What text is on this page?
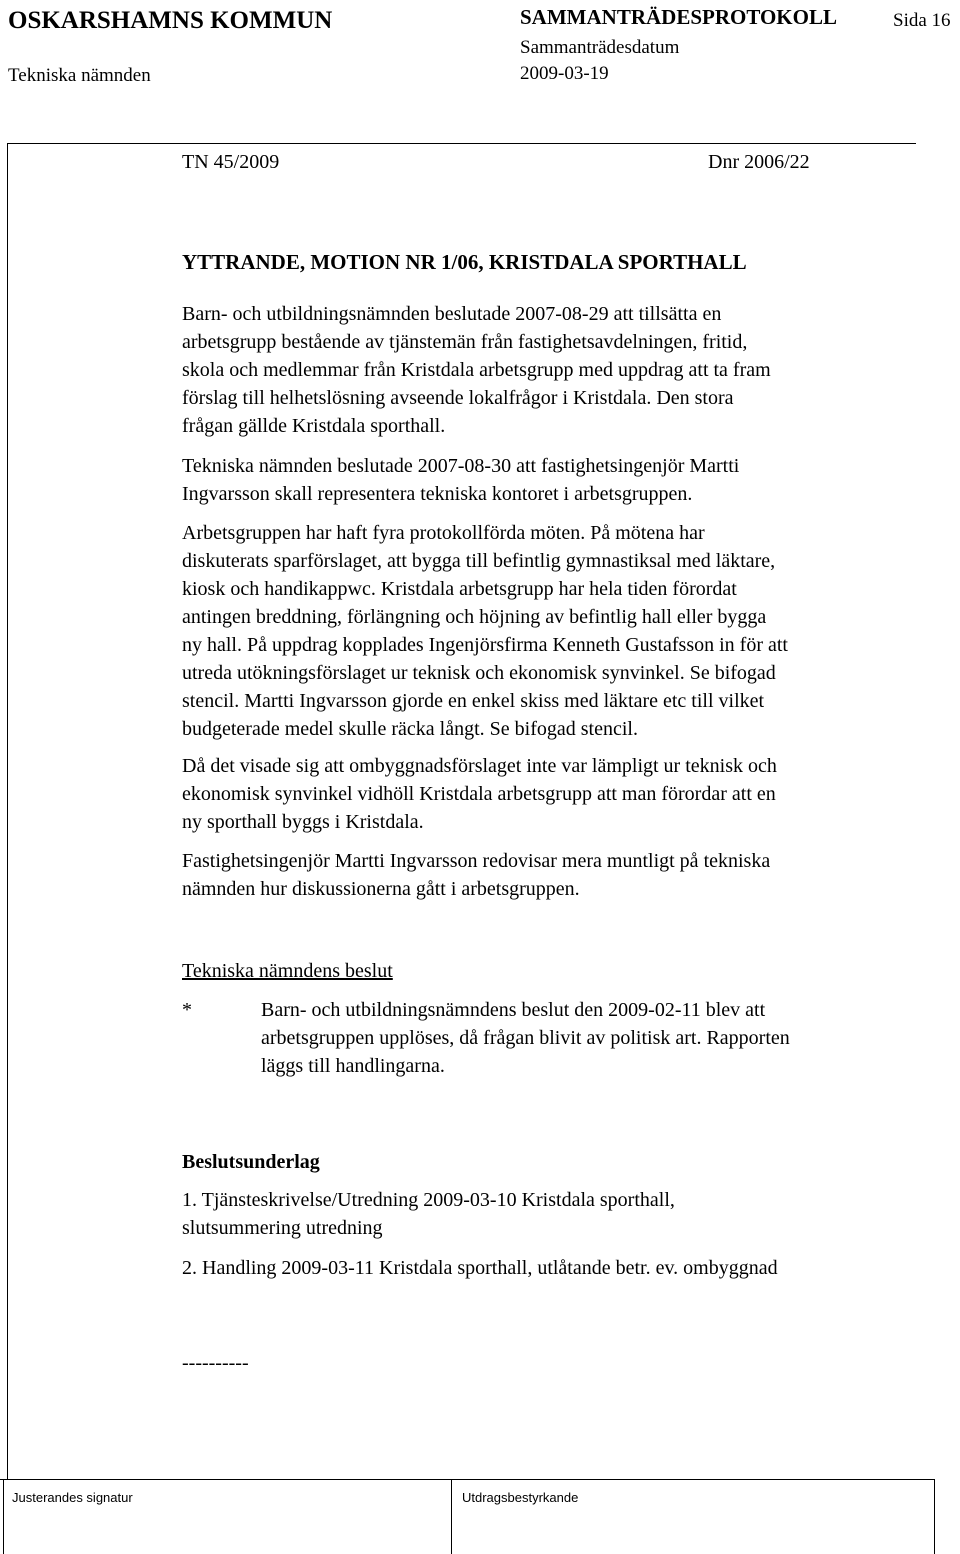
OSKARSHAMNS KOMMUN
Tekniska nämnden
SAMMANTRÄDESPROTOKOLL
Sammanträdesdatum
2009-03-19
Sida 16
TN 45/2009	Dnr 2006/22
YTTRANDE, MOTION NR 1/06, KRISTDALA SPORTHALL
Barn- och utbildningsnämnden beslutade 2007-08-29 att tillsätta en
arbetsgrupp bestående av tjänstemän från fastighetsavdelningen, fritid,
skola och medlemmar från Kristdala arbetsgrupp med uppdrag att ta fram
förslag till helhetslösning avseende lokalfrågor i Kristdala. Den stora
frågan gällde Kristdala sporthall.
Tekniska nämnden beslutade 2007-08-30 att fastighetsingenjör Martti
Ingvarsson skall representera tekniska kontoret i arbetsgruppen.
Arbetsgruppen har haft fyra protokollförda möten. På mötena har
diskuterats sparförslaget, att bygga till befintlig gymnastiksal med läktare,
kiosk och handikappwc. Kristdala arbetsgrupp har hela tiden förordat
antingen breddning, förlängning och höjning av befintlig hall eller bygga
ny hall. På uppdrag kopplades Ingenjörsfirma Kenneth Gustafsson in för att
utreda utökningsförslaget ur teknisk och ekonomisk synvinkel. Se bifogad
stencil. Martti Ingvarsson gjorde en enkel skiss med läktare etc till vilket
budgeterade medel skulle räcka långt. Se bifogad stencil.
Då det visade sig att ombyggnadsförslaget inte var lämpligt ur teknisk och
ekonomisk synvinkel vidhöll Kristdala arbetsgrupp att man förordar att en
ny sporthall byggs i Kristdala.
Fastighetsingenjör Martti Ingvarsson redovisar mera muntligt på tekniska
nämnden hur diskussionerna gått i arbetsgruppen.
Tekniska nämndens beslut
*	Barn- och utbildningsnämndens beslut den 2009-02-11 blev att
arbetsgruppen upplöses, då frågan blivit av politisk art. Rapporten
läggs till handlingarna.
Beslutsunderlag
1. Tjänsteskrivelse/Utredning 2009-03-10 Kristdala sporthall,
slutsummering utredning
2. Handling 2009-03-11 Kristdala sporthall, utlåtande betr. ev. ombyggnad
----------
Justerandes signatur	Utdragsbestyrkande
